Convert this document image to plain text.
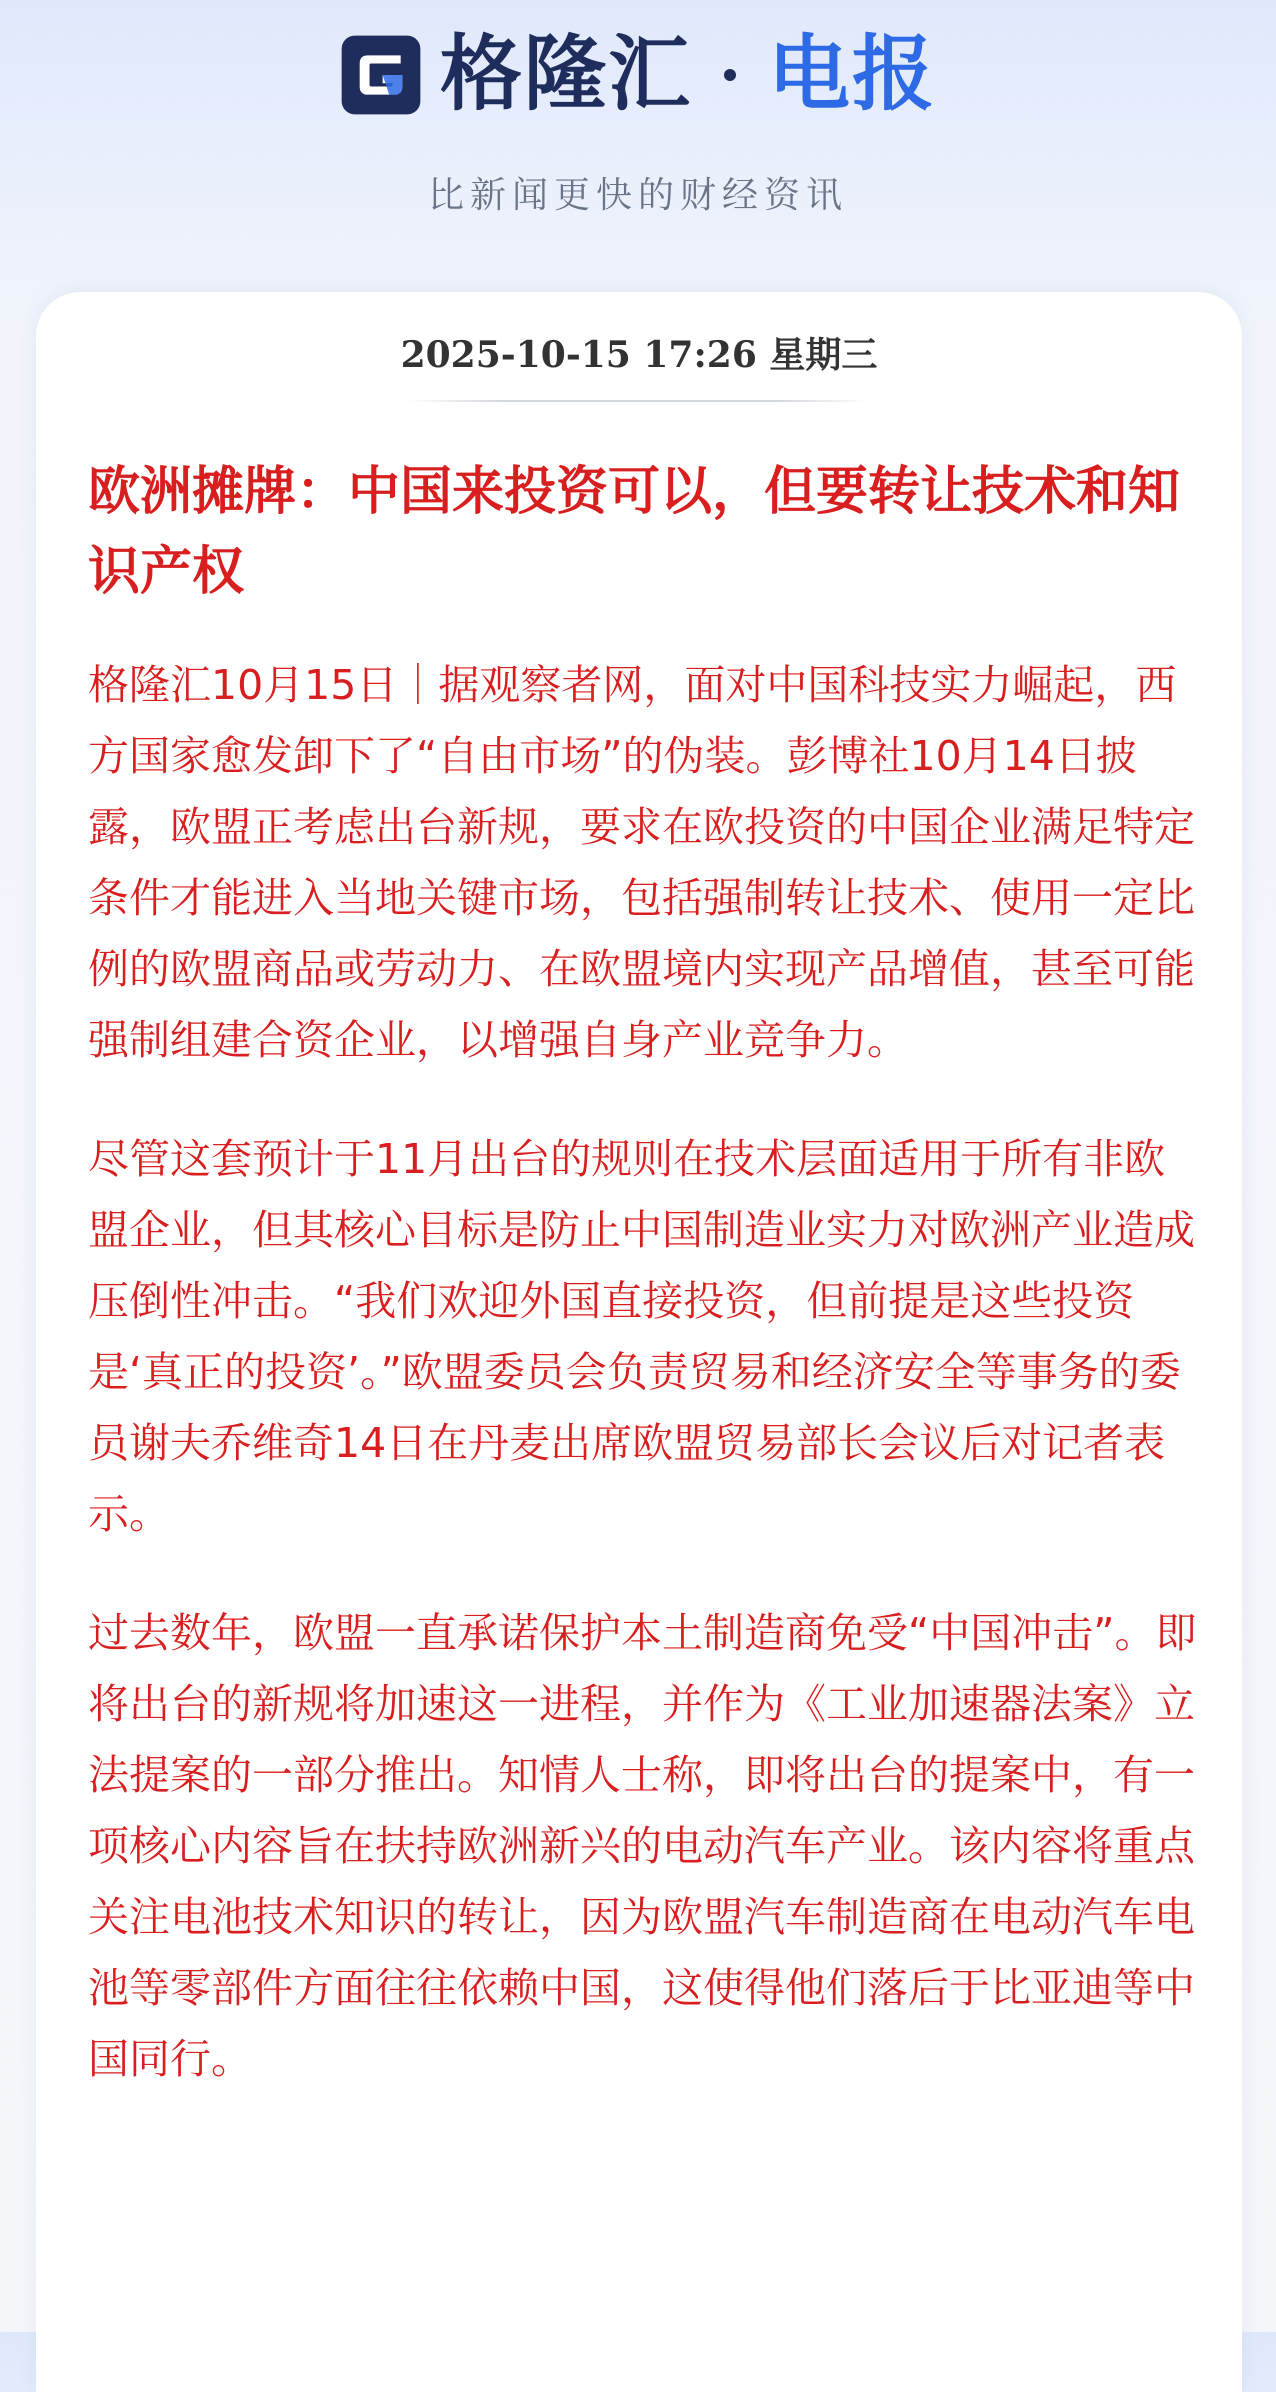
格隆汇 电报
比新闻更快的财经资讯
2025-10-15 17:26 星期三
欧洲摊牌：中国来投资可以，但要转让技术和知识产权

格隆汇10月15日｜据观察者网，面对中国科技实力崛起，西方国家愈发卸下了“自由市场”的伪装。彭博社10月14日披露，欧盟正考虑出台新规，要求在欧投资的中国企业满足特定条件才能进入当地关键市场，包括强制转让技术、使用一定比例的欧盟商品或劳动力、在欧盟境内实现产品增值，甚至可能强制组建合资企业，以增强自身产业竞争力。

尽管这套预计于11月出台的规则在技术层面适用于所有非欧盟企业，但其核心目标是防止中国制造业实力对欧洲产业造成压倒性冲击。“我们欢迎外国直接投资，但前提是这些投资是‘真正的投资’。”欧盟委员会负责贸易和经济安全等事务的委员谢夫乔维奇14日在丹麦出席欧盟贸易部长会议后对记者表示。

过去数年，欧盟一直承诺保护本土制造商免受“中国冲击”。即将出台的新规将加速这一进程，并作为《工业加速器法案》立法提案的一部分推出。知情人士称，即将出台的提案中，有一项核心内容旨在扶持欧洲新兴的电动汽车产业。该内容将重点关注电池技术知识的转让，因为欧盟汽车制造商在电动汽车电池等零部件方面往往依赖中国，这使得他们落后于比亚迪等中国同行。
